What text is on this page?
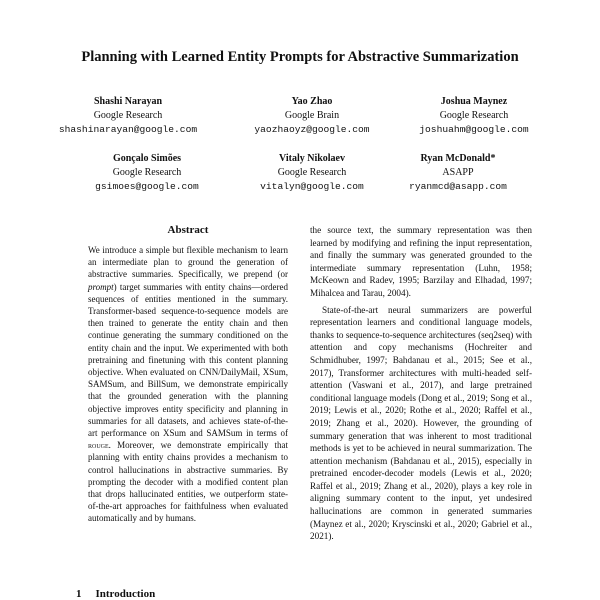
Planning with Learned Entity Prompts for Abstractive Summarization
Shashi Narayan
Google Research
shashinarayan@google.com
Yao Zhao
Google Brain
yaozhaoyz@google.com
Joshua Maynez
Google Research
joshuahm@google.com
Gonçalo Simões
Google Research
gsimoes@google.com
Vitaly Nikolaev
Google Research
vitalyn@google.com
Ryan McDonald*
ASAPP
ryanmcd@asapp.com
Abstract

We introduce a simple but flexible mechanism to learn an intermediate plan to ground the generation of abstractive summaries. Specifically, we prepend (or prompt) target summaries with entity chains—ordered sequences of entities mentioned in the summary. Transformer-based sequence-to-sequence models are then trained to generate the entity chain and then continue generating the summary conditioned on the entity chain and the input. We experimented with both pretraining and finetuning with this content planning objective. When evaluated on CNN/DailyMail, XSum, SAMSum, and BillSum, we demonstrate empirically that the grounded generation with the planning objective improves entity specificity and planning in summaries for all datasets, and achieves state-of-the-art performance on XSum and SAMSum in terms of rouge. Moreover, we demonstrate empirically that planning with entity chains provides a mechanism to control hallucinations in abstractive summaries. By prompting the decoder with a modified content plan that drops hallucinated entities, we outperform state-of-the-art approaches for faithfulness when evaluated automatically and by humans.

1 Introduction

the source text, the summary representation was then learned by modifying and refining the input representation, and finally the summary was generated grounded to the intermediate summary representation (Luhn, 1958; McKeown and Radev, 1995; Barzilay and Elhadad, 1997; Mihalcea and Tarau, 2004).

State-of-the-art neural summarizers are powerful representation learners and conditional language models, thanks to sequence-to-sequence architectures (seq2seq) with attention and copy mechanisms (Hochreiter and Schmidhuber, 1997; Bahdanau et al., 2015; See et al., 2017), Transformer architectures with multi-headed self-attention (Vaswani et al., 2017), and large pretrained conditional language models (Dong et al., 2019; Song et al., 2019; Lewis et al., 2020; Rothe et al., 2020; Raffel et al., 2019; Zhang et al., 2020). However, the grounding of summary generation that was inherent to most traditional methods is yet to be achieved in neural summarization. The attention mechanism (Bahdanau et al., 2015), especially in pretrained encoder-decoder models (Lewis et al., 2020; Raffel et al., 2019; Zhang et al., 2020), plays a key role in aligning summary content to the input, yet undesired hallucinations are common in generated summaries (Maynez et al., 2020; Kryscinski et al., 2020; Gabriel et al., 2021).
